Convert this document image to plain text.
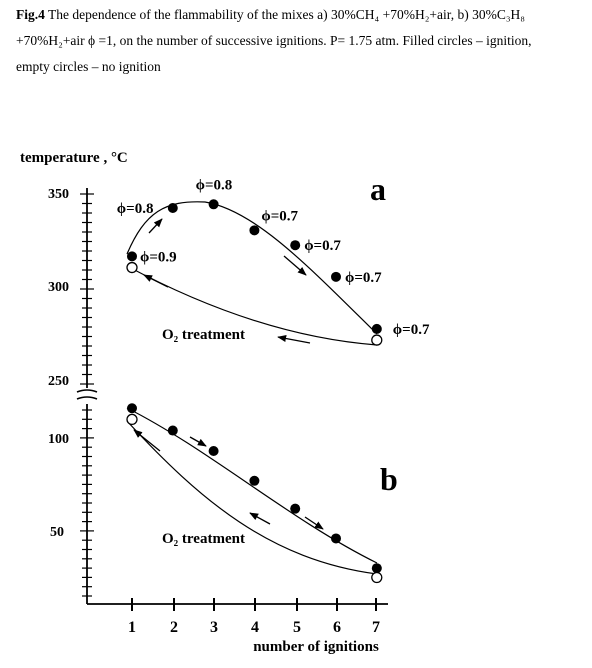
Fig.4 The dependence of the flammability of the mixes a) 30%CH₄ +70%H₂+air, b) 30%C₃H₈
+70%H₂+air ϕ =1, on the number of successive ignitions. P= 1.75 atm. Filled circles – ignition,
empty circles – no ignition
temperature , °C
350
300
250
100
50
1 2 3 4 5 6 7
number of ignitions
a
b
O₂ treatment
O₂ treatment
ϕ=0.9
ϕ=0.8
ϕ=0.8
ϕ=0.7
ϕ=0.7
ϕ=0.7
ϕ=0.7
